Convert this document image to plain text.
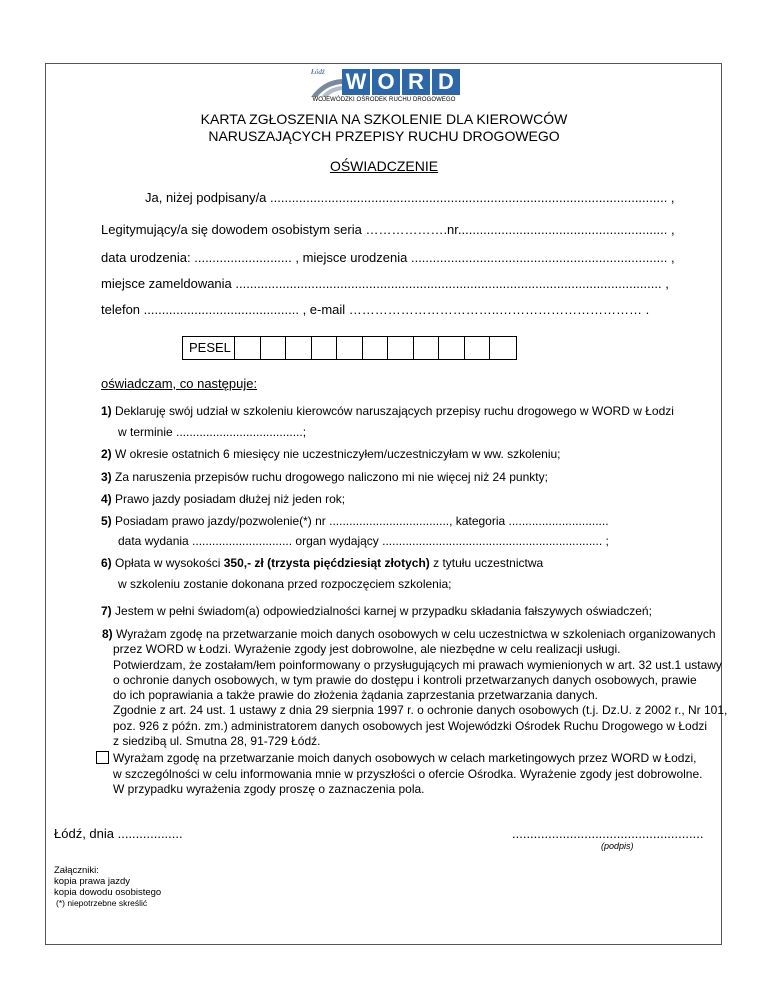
Łódź W O R D
WOJEWÓDZKI OŚRODEK RUCHU DROGOWEGO
KARTA ZGŁOSZENIA NA SZKOLENIE DLA KIEROWCÓW
NARUSZAJĄCYCH PRZEPISY RUCHU DROGOWEGO
OŚWIADCZENIE
Ja, niżej podpisany/a .............................................................................................................. ,
Legitymujący/a się dowodem osobistym seria ……………….nr.......................................................... ,
data urodzenia: ........................... , miejsce urodzenia ....................................................................... ,
miejsce zameldowania ...................................................................................................................... ,
telefon ........................................... , e-mail ……………………………..…………………………… .
PESEL
oświadczam, co następuje:
1) Deklaruję swój udział w szkoleniu kierowców naruszających przepisy ruchu drogowego w WORD w Łodzi
w terminie ......................................;
2) W okresie ostatnich 6 miesięcy nie uczestniczyłem/uczestniczyłam w ww. szkoleniu;
3) Za naruszenia przepisów ruchu drogowego naliczono mi nie więcej niż 24 punkty;
4) Prawo jazdy posiadam dłużej niż jeden rok;
5) Posiadam prawo jazdy/pozwolenie(*) nr ...................................., kategoria ..............................
data wydania .............................. organ wydający .................................................................. ;
6) Opłata w wysokości 350,- zł (trzysta pięćdziesiąt złotych) z tytułu uczestnictwa
w szkoleniu zostanie dokonana przed rozpoczęciem szkolenia;
7) Jestem w pełni świadom(a) odpowiedzialności karnej w przypadku składania fałszywych oświadczeń;
8) Wyrażam zgodę na przetwarzanie moich danych osobowych w celu uczestnictwa w szkoleniach organizowanych
przez WORD w Łodzi. Wyrażenie zgody jest dobrowolne, ale niezbędne w celu realizacji usługi.
Potwierdzam, że zostałam/łem poinformowany o przysługujących mi prawach wymienionych w art. 32 ust.1 ustawy
o ochronie danych osobowych, w tym prawie do dostępu i kontroli przetwarzanych danych osobowych, prawie
do ich poprawiania a także prawie do złożenia żądania zaprzestania przetwarzania danych.
Zgodnie z art. 24 ust. 1 ustawy z dnia 29 sierpnia 1997 r. o ochronie danych osobowych (t.j. Dz.U. z 2002 r., Nr 101,
poz. 926 z późn. zm.) administratorem danych osobowych jest Wojewódzki Ośrodek Ruchu Drogowego w Łodzi
z siedzibą ul. Smutna 28, 91-729 Łódź.
Wyrażam zgodę na przetwarzanie moich danych osobowych w celach marketingowych przez WORD w Łodzi,
w szczególności w celu informowania mnie w przyszłości o ofercie Ośrodka. Wyrażenie zgody jest dobrowolne.
W przypadku wyrażenia zgody proszę o zaznaczenia pola.
Łódź, dnia ..................	.....................................................
(podpis)
Załączniki:
kopia prawa jazdy
kopia dowodu osobistego
(*) niepotrzebne skreślić
